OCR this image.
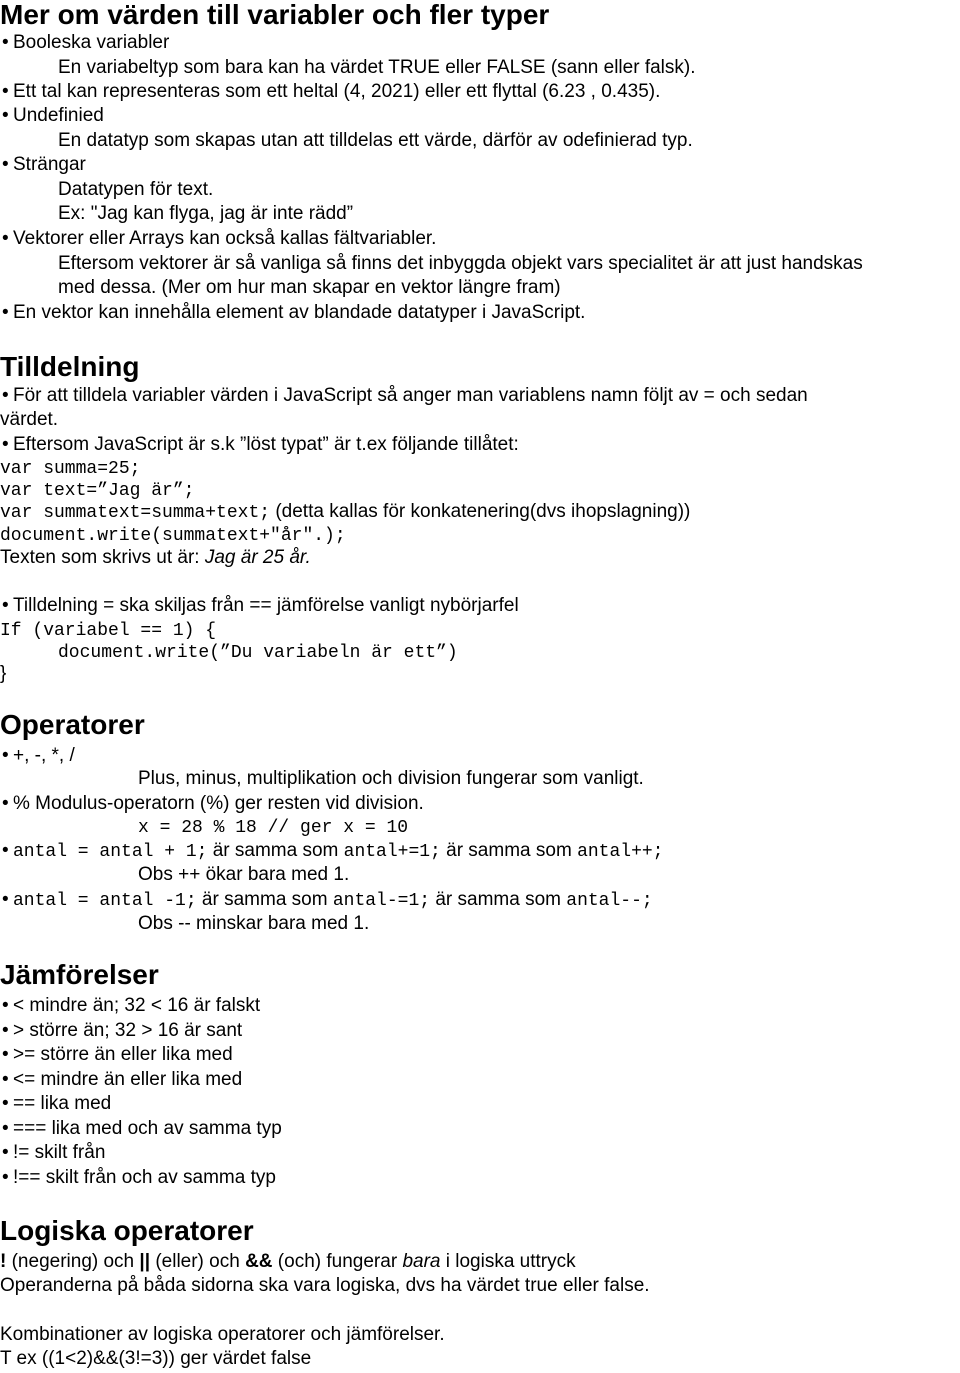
Mer om värden till variabler och fler typer
• Booleska variabler
En variabeltyp som bara kan ha värdet TRUE eller FALSE (sann eller falsk).
• Ett tal kan representeras som ett heltal (4, 2021) eller ett flyttal (6.23 , 0.435).
• Undefinied
En datatyp som skapas utan att tilldelas ett värde, därför av odefinierad typ.
• Strängar
Datatypen för text.
Ex: "Jag kan flyga, jag är inte rädd”
• Vektorer eller Arrays kan också kallas fältvariabler.
Eftersom vektorer är så vanliga så finns det inbyggda objekt vars specialitet är att just handskas
med dessa. (Mer om hur man skapar en vektor längre fram)
• En vektor kan innehålla element av blandade datatyper i JavaScript.
Tilldelning
• För att tilldela variabler värden i JavaScript så anger man variablens namn följt av = och sedan
värdet.
• Eftersom JavaScript är s.k ”löst typat” är t.ex följande tillåtet:
var summa=25;
var text=”Jag är”;
var summatext=summa+text; (detta kallas för konkatenering(dvs ihopslagning))
document.write(summatext+"år".);
Texten som skrivs ut är: Jag är 25 år.
• Tilldelning = ska skiljas från == jämförelse vanligt nybörjarfel
If (variabel == 1) {
document.write(”Du variabeln är ett”)
}
Operatorer
• +, -, *, /
Plus, minus, multiplikation och division fungerar som vanligt.
• % Modulus-operatorn (%) ger resten vid division.
x = 28 % 18 // ger x = 10
• antal = antal + 1; är samma som antal+=1; är samma som antal++;
Obs ++ ökar bara med 1.
• antal = antal -1; är samma som antal-=1; är samma som antal--;
Obs -- minskar bara med 1.
Jämförelser
• < mindre än; 32 < 16 är falskt
• > större än; 32 > 16 är sant
• >= större än eller lika med
• <= mindre än eller lika med
• == lika med
• === lika med och av samma typ
• != skilt från
• !== skilt från och av samma typ
Logiska operatorer
! (negering) och || (eller) och && (och) fungerar bara i logiska uttryck
Operanderna på båda sidorna ska vara logiska, dvs ha värdet true eller false.
Kombinationer av logiska operatorer och jämförelser.
T ex ((1<2)&&(3!=3)) ger värdet false
